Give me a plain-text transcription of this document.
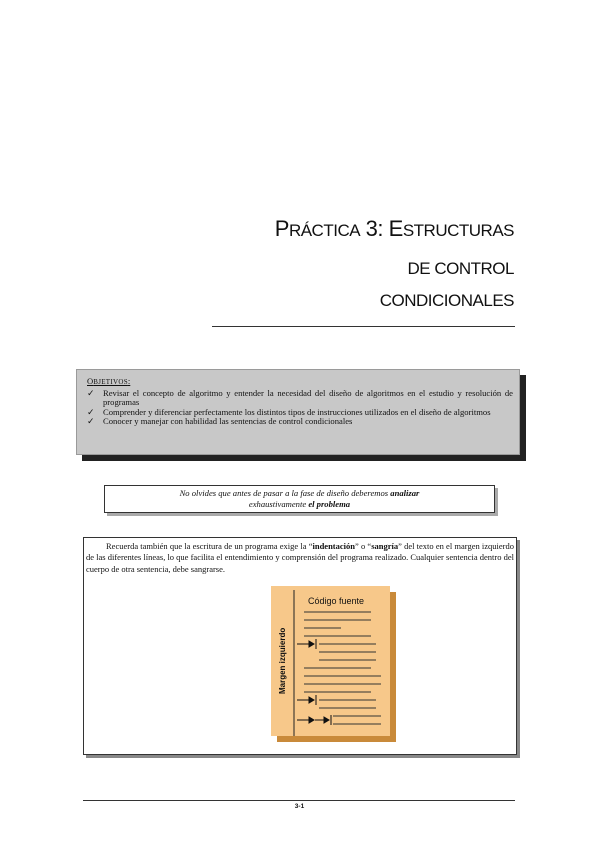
PRÁCTICA 3: ESTRUCTURAS
DE CONTROL
CONDICIONALES
OBJETIVOS:
✓ Revisar el concepto de algoritmo y entender la necesidad del diseño de algoritmos en el estudio y resolución de programas
✓ Comprender y diferenciar perfectamente los distintos tipos de instrucciones utilizados en el diseño de algoritmos
✓ Conocer y manejar con habilidad las sentencias de control condicionales
No olvides que antes de pasar a la fase de diseño deberemos analizar
exhaustivamente el problema

Recuerda también que la escritura de un programa exige la “indentación” o “sangría” del texto en el margen izquierdo de las diferentes líneas, lo que facilita el entendimiento y comprensión del programa realizado. Cualquier sentencia dentro del cuerpo de otra sentencia, debe sangrarse.

Código fuente
Margen izquierdo
3-1
